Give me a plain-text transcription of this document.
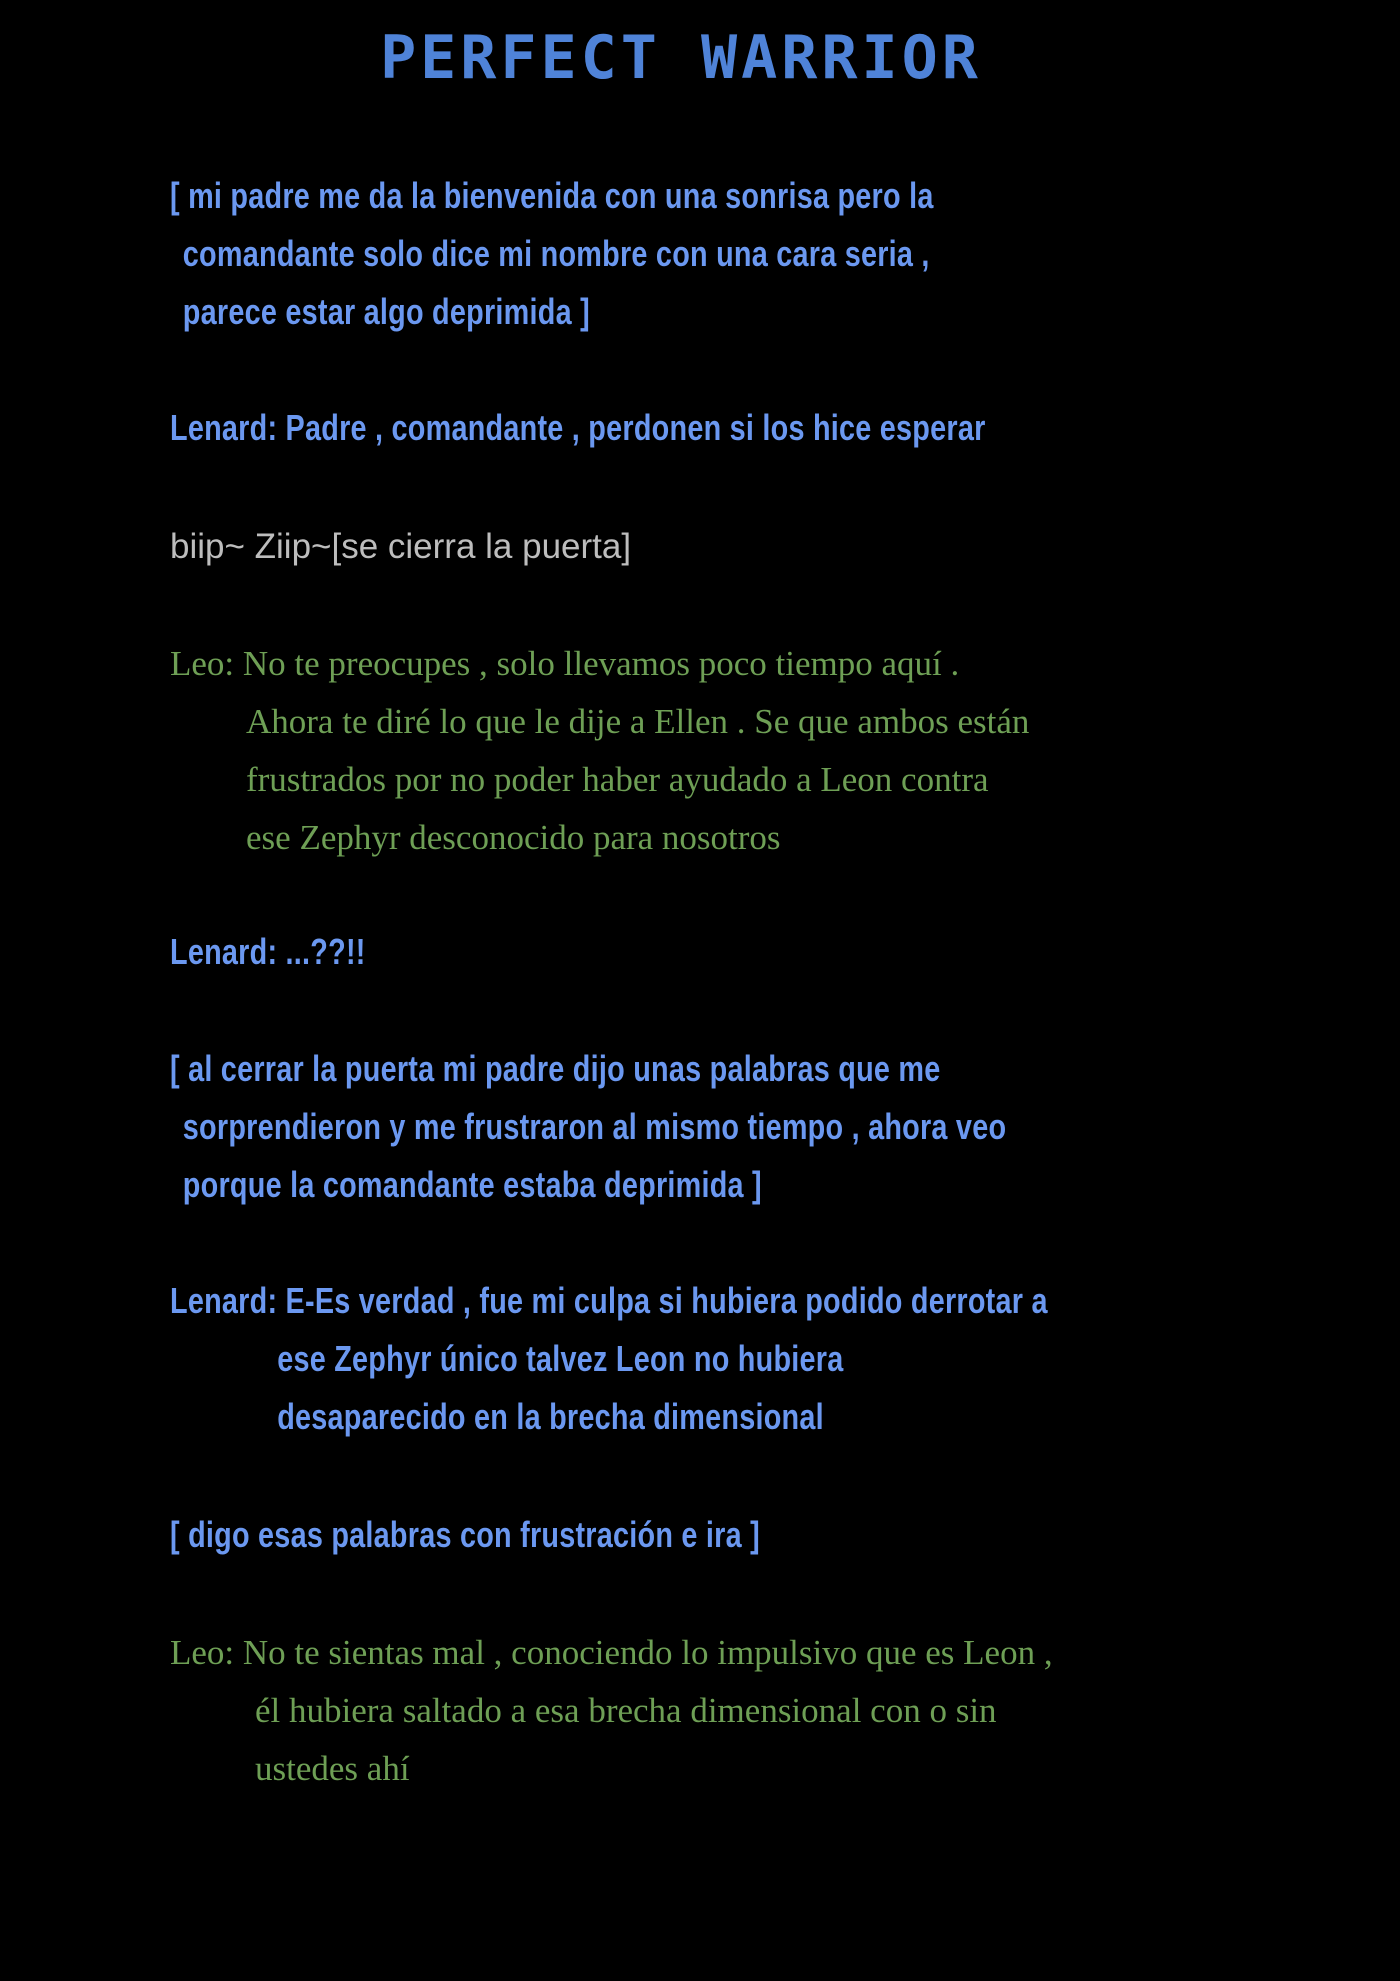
PERFECT WARRIOR
[ mi padre me da la bienvenida con una sonrisa pero la
comandante solo dice mi nombre con una cara seria ,
parece estar algo deprimida ]
Lenard: Padre , comandante , perdonen si los hice esperar
biip~ Ziip~[se cierra la puerta]
Leo: No te preocupes , solo llevamos poco tiempo aquí .
Ahora te diré lo que le dije a Ellen . Se que ambos están
frustrados por no poder haber ayudado a Leon contra
ese Zephyr desconocido para nosotros
Lenard: ...??!!
[ al cerrar la puerta mi padre dijo unas palabras que me
sorprendieron y me frustraron al mismo tiempo , ahora veo
porque la comandante estaba deprimida ]
Lenard: E-Es verdad , fue mi culpa si hubiera podido derrotar a
ese Zephyr único talvez Leon no hubiera
desaparecido en la brecha dimensional
[ digo esas palabras con frustración e ira ]
Leo: No te sientas mal , conociendo lo impulsivo que es Leon ,
él hubiera saltado a esa brecha dimensional con o sin
ustedes ahí
